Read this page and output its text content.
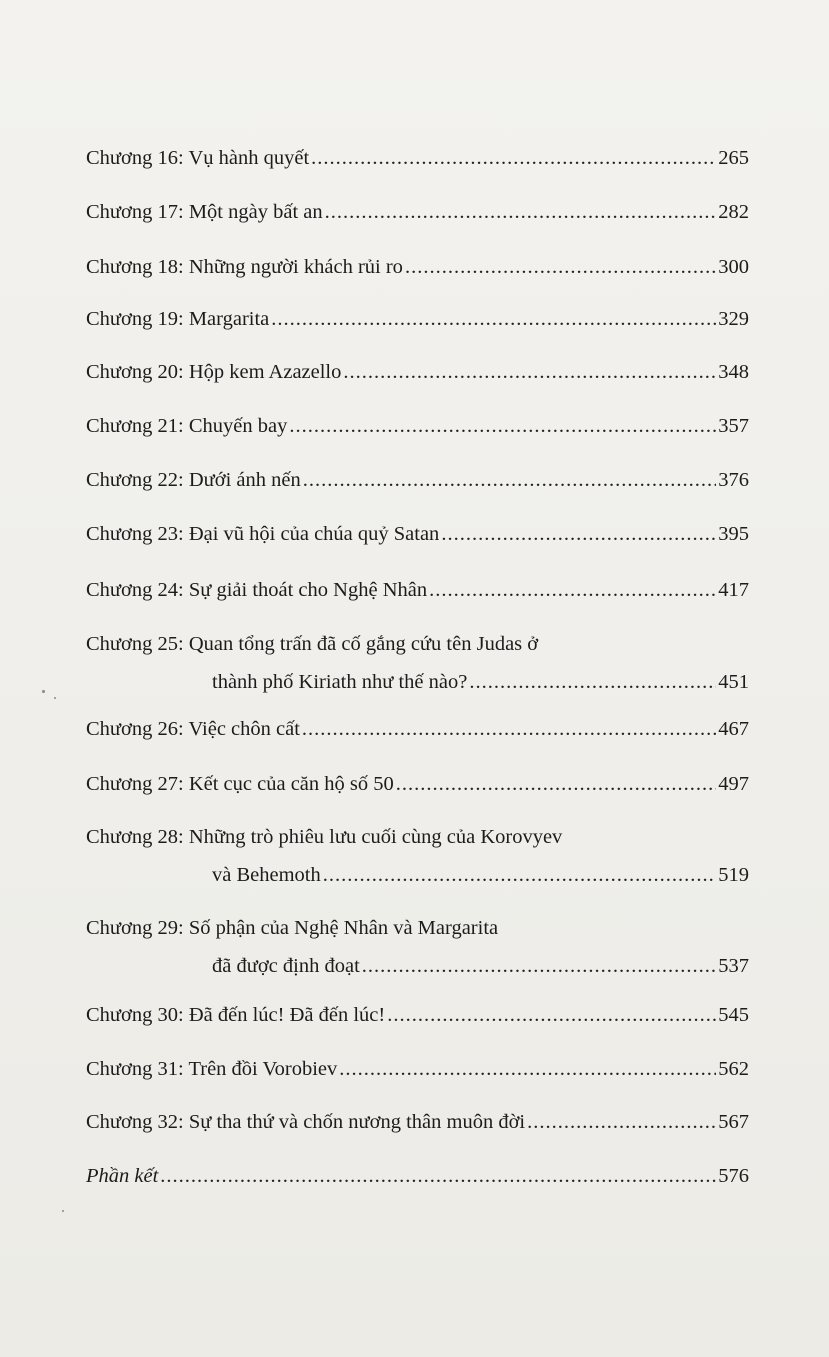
Chương 16: Vụ hành quyết .....	265
Chương 17: Một ngày bất an .....	282
Chương 18: Những người khách rủi ro .....	300
Chương 19: Margarita .....	329
Chương 20: Hộp kem Azazello .....	348
Chương 21: Chuyến bay .....	357
Chương 22: Dưới ánh nến .....	376
Chương 23: Đại vũ hội của chúa quỷ Satan .....	395
Chương 24: Sự giải thoát cho Nghệ Nhân .....	417
Chương 25: Quan tổng trấn đã cố gắng cứu tên Judas ở
thành phố Kiriath như thế nào? .....	451
Chương 26: Việc chôn cất .....	467
Chương 27: Kết cục của căn hộ số 50 .....	497
Chương 28: Những trò phiêu lưu cuối cùng của Korovyev
và Behemoth .....	519
Chương 29: Số phận của Nghệ Nhân và Margarita
đã được định đoạt .....	537
Chương 30: Đã đến lúc! Đã đến lúc! .....	545
Chương 31: Trên đồi Vorobiev .....	562
Chương 32: Sự tha thứ và chốn nương thân muôn đời .....	567
Phần kết .....	576
